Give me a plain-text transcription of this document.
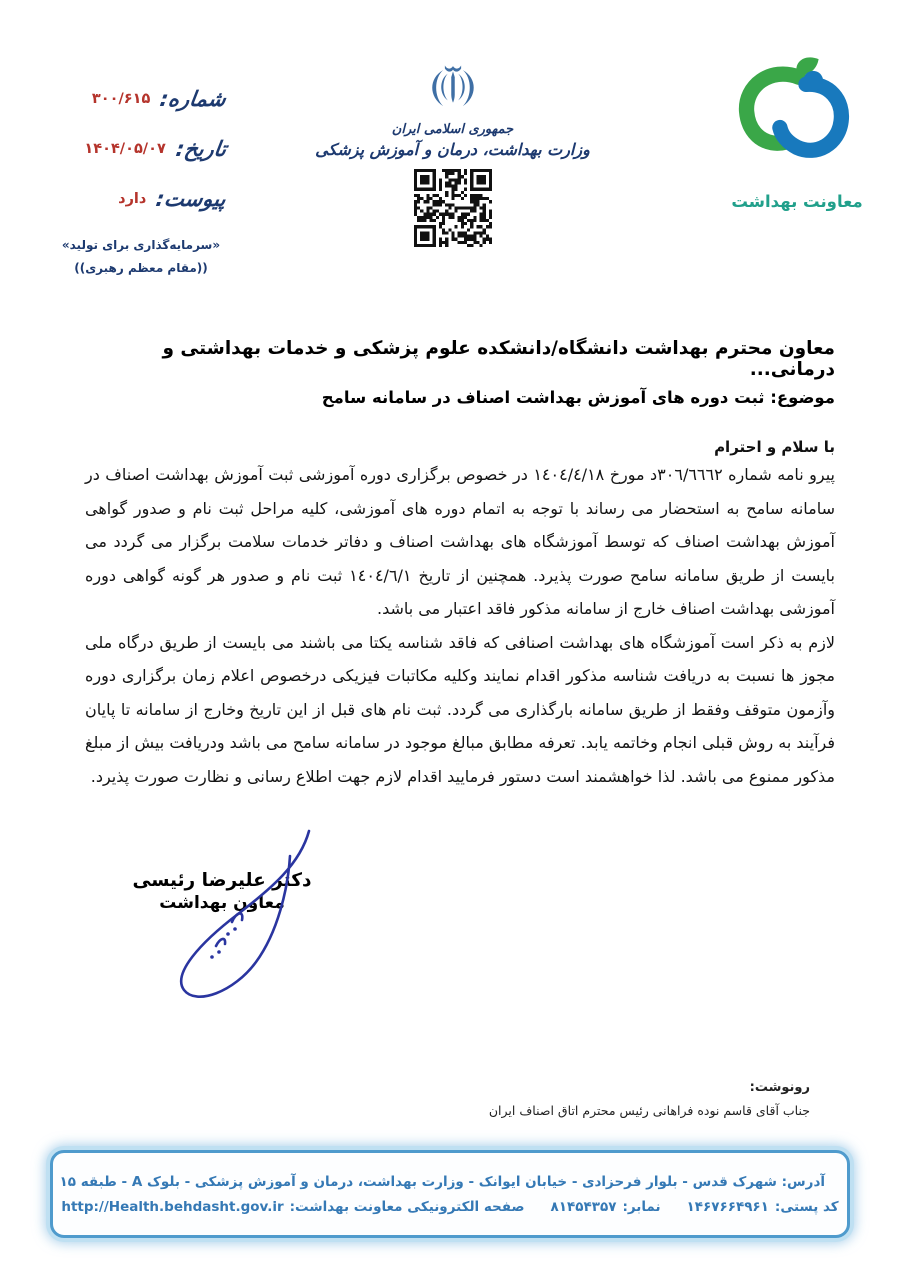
شماره:
۳۰۰/۶۱۵
تاریخ:
۱۴۰۴/۰۵/۰۷
پیوست:
دارد
«سرمایه‌گذاری برای تولید»
((مقام معظم رهبری))
جمهوری اسلامی ایران
وزارت بهداشت، درمان و آموزش پزشکی
معاونت بهداشت
معاون محترم بهداشت دانشگاه/دانشکده علوم پزشکی و خدمات بهداشتی و درمانی...
موضوع: ثبت دوره های آموزش بهداشت اصناف در سامانه سامح
با سلام و احترام

پیرو نامه شماره ٣٠٦/٦٦٦٢د مورخ ١٤٠٤/٤/١٨ در خصوص برگزاری دوره آموزشی ثبت آموزش بهداشت اصناف در سامانه سامح به استحضار می رساند با توجه به اتمام دوره های آموزشی، کلیه مراحل ثبت نام و صدور گواهی آموزش بهداشت اصناف که توسط آموزشگاه های بهداشت اصناف و دفاتر خدمات سلامت برگزار می گردد می بایست از طریق سامانه سامح صورت پذیرد. همچنین از تاریخ ١٤٠٤/٦/١ ثبت نام و صدور هر گونه گواهی دوره آموزشی بهداشت اصناف خارج از سامانه مذکور فاقد اعتبار می باشد.

لازم به ذکر است آموزشگاه های بهداشت اصنافی که فاقد شناسه یکتا می باشند می بایست از طریق درگاه ملی مجوز ها نسبت به دریافت شناسه مذکور اقدام نمایند وکلیه مکاتبات فیزیکی درخصوص اعلام زمان برگزاری دوره وآزمون متوقف وفقط از طریق سامانه بارگذاری می گردد. ثبت نام های قبل از این تاریخ وخارج از سامانه تا پایان فرآیند به روش قبلی انجام وخاتمه یابد. تعرفه مطابق مبالغ موجود در سامانه سامح می باشد ودریافت بیش از مبلغ مذکور ممنوع می باشد. لذا خواهشمند است دستور فرمایید اقدام لازم جهت اطلاع رسانی و نظارت صورت پذیرد.

دکتر علیرضا رئیسی
معاون بهداشت
رونوشت:
جناب آقای قاسم نوده فراهانی رئیس محترم اتاق اصناف ایران
آدرس: شهرک قدس - بلوار فرحزادی - خیابان ایوانک - وزارت بهداشت، درمان و آموزش پزشکی - بلوک A - طبقه ۱۵
کد پستی:
۱۴۶۷۶۶۴۹۶۱
نمابر:
۸۱۴۵۴۳۵۷
صفحه الکترونیکی معاونت بهداشت:
http://Health.behdasht.gov.ir
